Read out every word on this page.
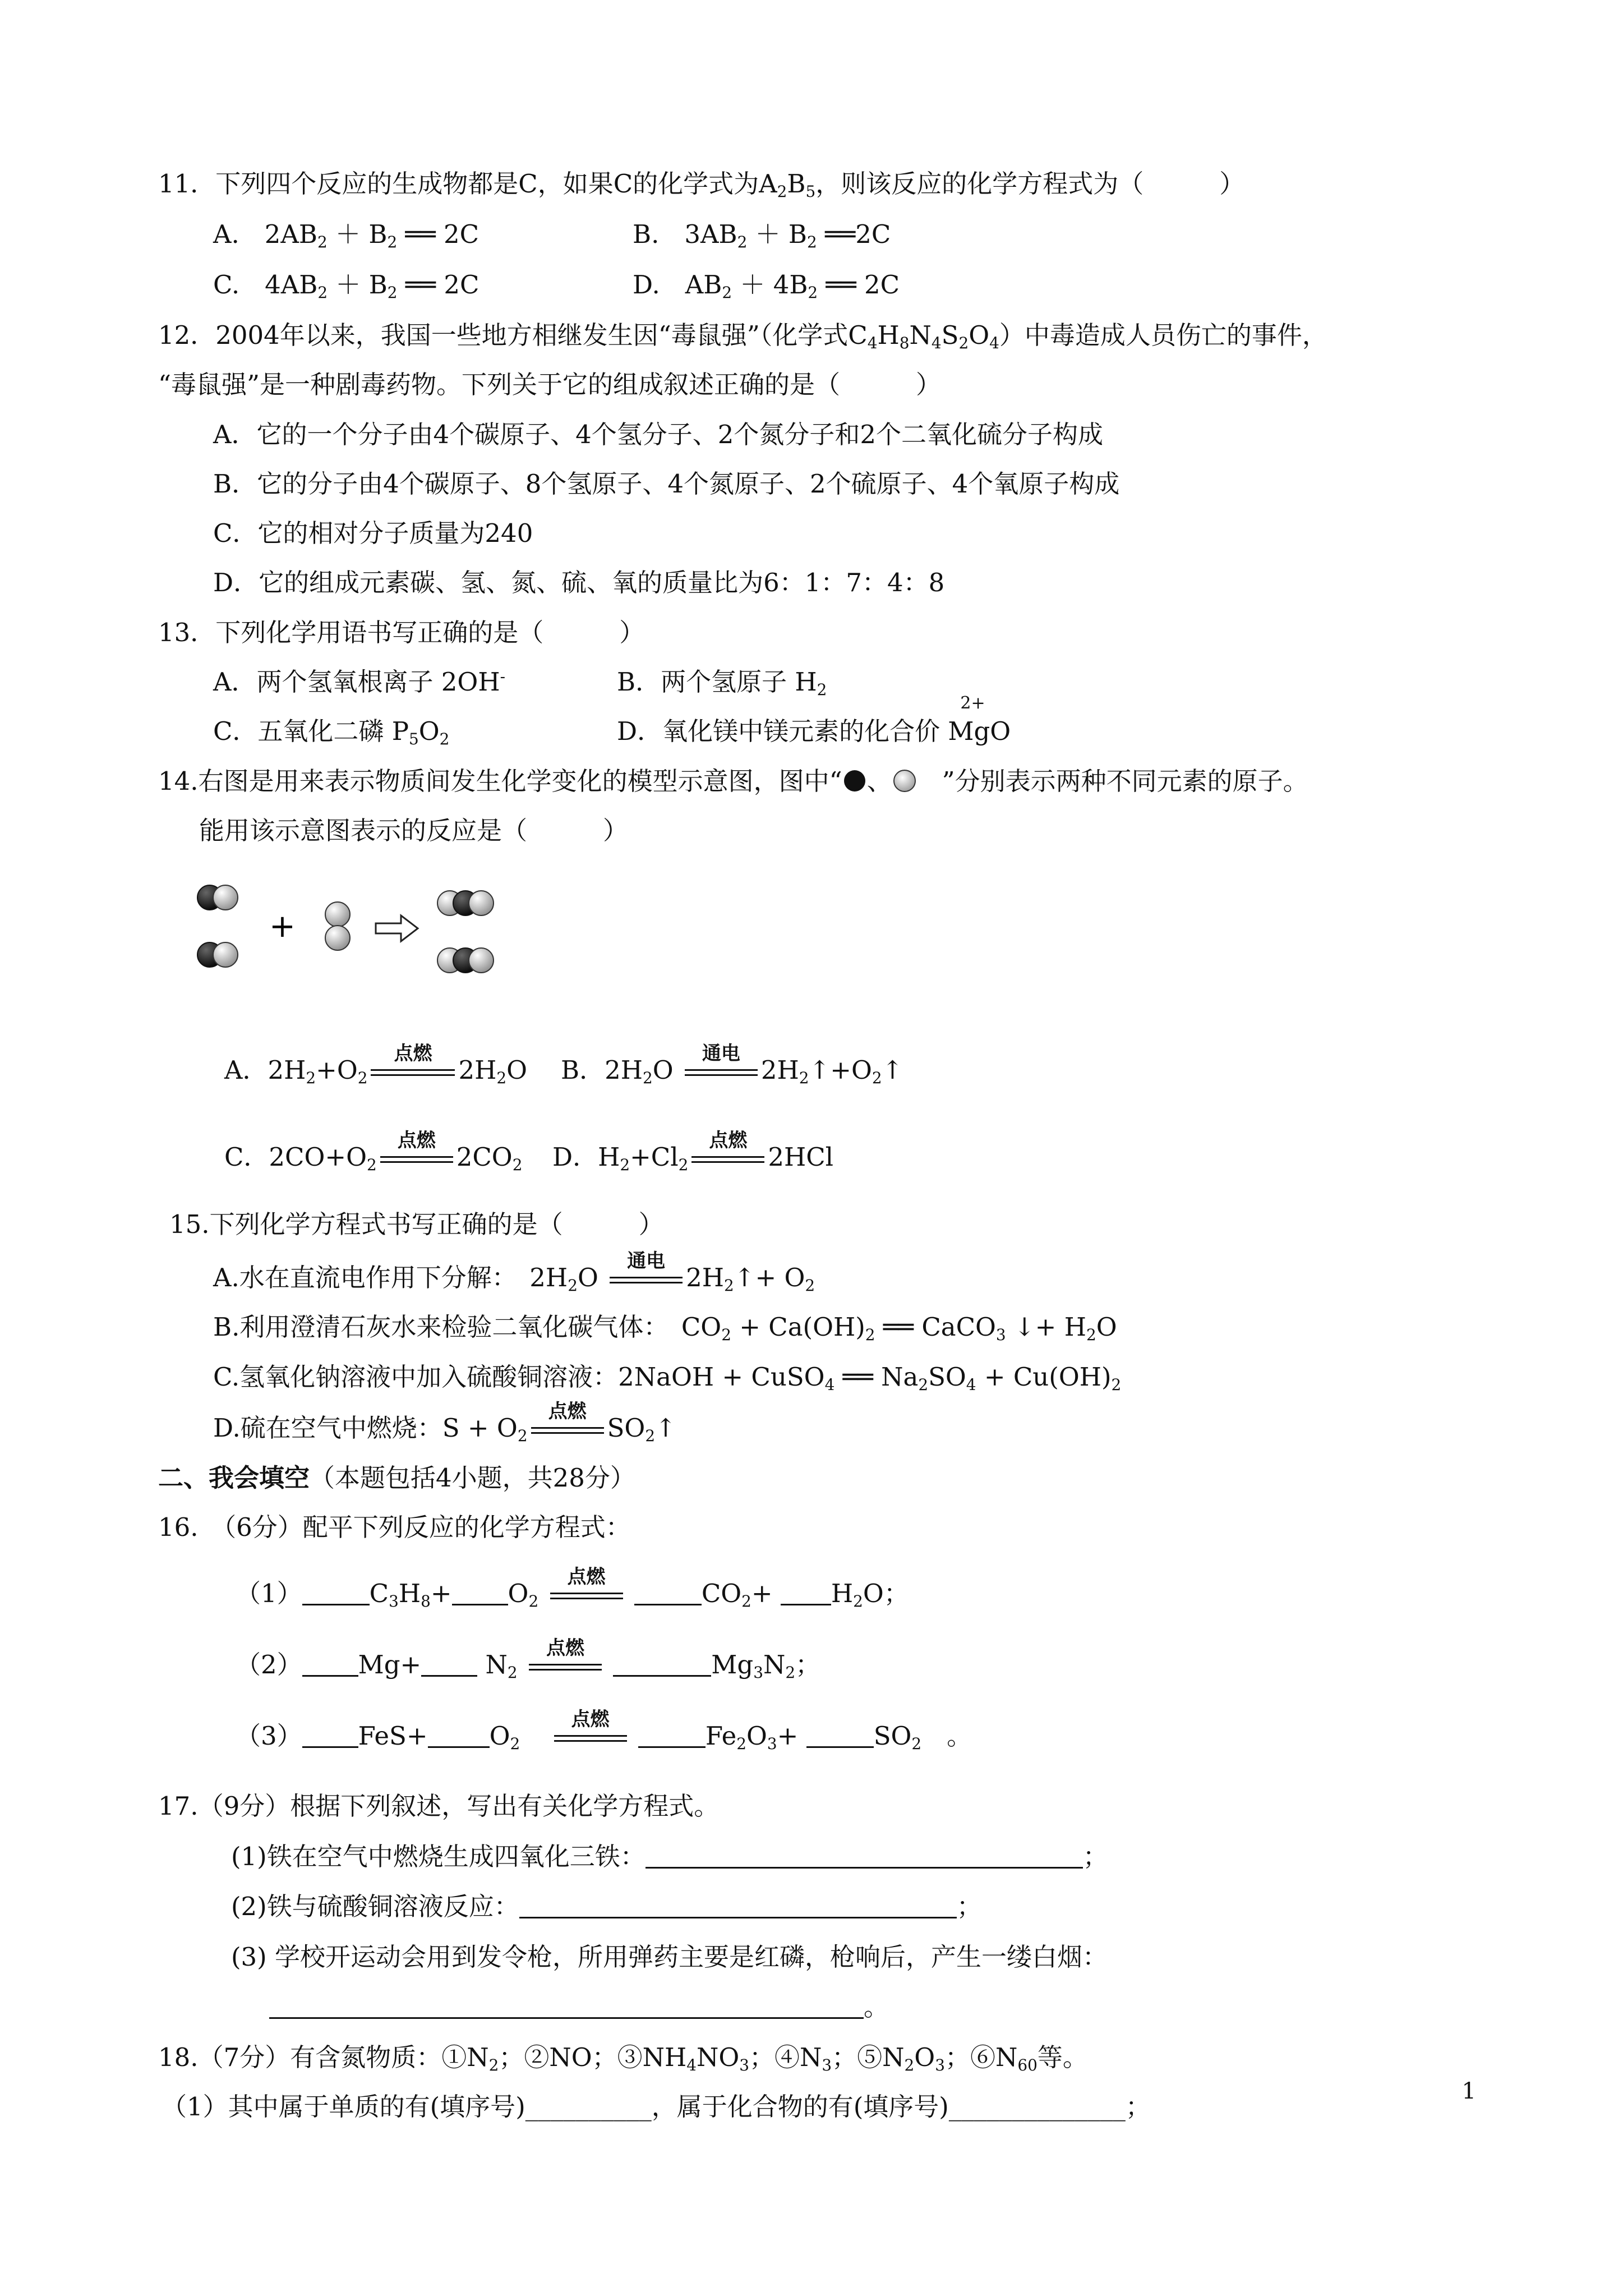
11．下列四个反应的生成物都是C，如果C的化学式为$A_2B_5$，则该反应的化学方程式为（　　　）
A.　$2AB_2 + B_2$ ══ 2C	B.　$3AB_2 + B_2$ ══2C
C.　$4AB_2 + B_2$ ══ 2C	D.　$AB_2 + 4B_2$ ══ 2C
12．2004年以来，我国一些地方相继发生因“毒鼠强”（化学式$C_4H_8N_4S_2O_4$）中毒造成人员伤亡的事件，
“毒鼠强”是一种剧毒药物。下列关于它的组成叙述正确的是（　　　）
A．它的一个分子由4个碳原子、4个氢分子、2个氮分子和2个二氧化硫分子构成
B．它的分子由4个碳原子、8个氢原子、4个氮原子、2个硫原子、4个氧原子构成
C．它的相对分子质量为240
D．它的组成元素碳、氢、氮、硫、氧的质量比为6：1：7：4：8
13．下列化学用语书写正确的是（　　　）
A．两个氢氧根离子 2OH-	B．两个氢原子 $H_2$
C．五氧化二磷 $P_5O_2$	D．氧化镁中镁元素的化合价 Mg
2+
O
14.右图是用来表示物质间发生化学变化的模型示意图，图中“ 、　”分别表示两种不同元素的原子。
能用该示意图表示的反应是（　　　）
+
A．$2H_2+O_2$
点燃
$2H_2O$ B．$2H_2O$
通电
$2H_2↑+O_2↑$
C．$2CO+O_2$
点燃
$2CO_2$ D．$H_2+Cl_2$
点燃
2HCl
15.下列化学方程式书写正确的是（　　　）
A.水在直流电作用下分解：　$2H_2O$
通电
$2H_2↑+ O_2$
B.利用澄清石灰水来检验二氧化碳气体：　$CO_2 + Ca(OH)_2$ ══ CaCO$_3$ ↓+ $H_2O$
C.氢氧化钠溶液中加入硫酸铜溶液：2NaOH + CuSO$_4$ ══ $Na_2SO_4 + Cu(OH)_2$
D.硫在空气中燃烧：$S + O_2$
点燃
$SO_2↑$
二、我会填空（本题包括4小题，共28分）
16.　（6分）配平下列反应的化学方程式：
（1）	$C_3H_8+ O_2$
点燃
$CO_2+ H_2O$；
（2） $Mg+ N_2$
点燃
$Mg_3N_2$；
（3） $FeS+ O_2$
点燃
$Fe_2O_3+$	$SO_2$　。
17.（9分）根据下列叙述，写出有关化学方程式。
(1)铁在空气中燃烧生成四氧化三铁：	；
(2)铁与硫酸铜溶液反应：	；
(3) 学校开运动会用到发令枪，所用弹药主要是红磷，枪响后，产生一缕白烟：
。
18.（7分）有含氮物质：$①N_2$；②NO；$③NH_4NO_3$；$④N_3$；$⑤N_2O_3$；$⑥N_{60}$等。
（1）其中属于单质的有(填序号)__________，属于化合物的有(填序号)______________；
1
